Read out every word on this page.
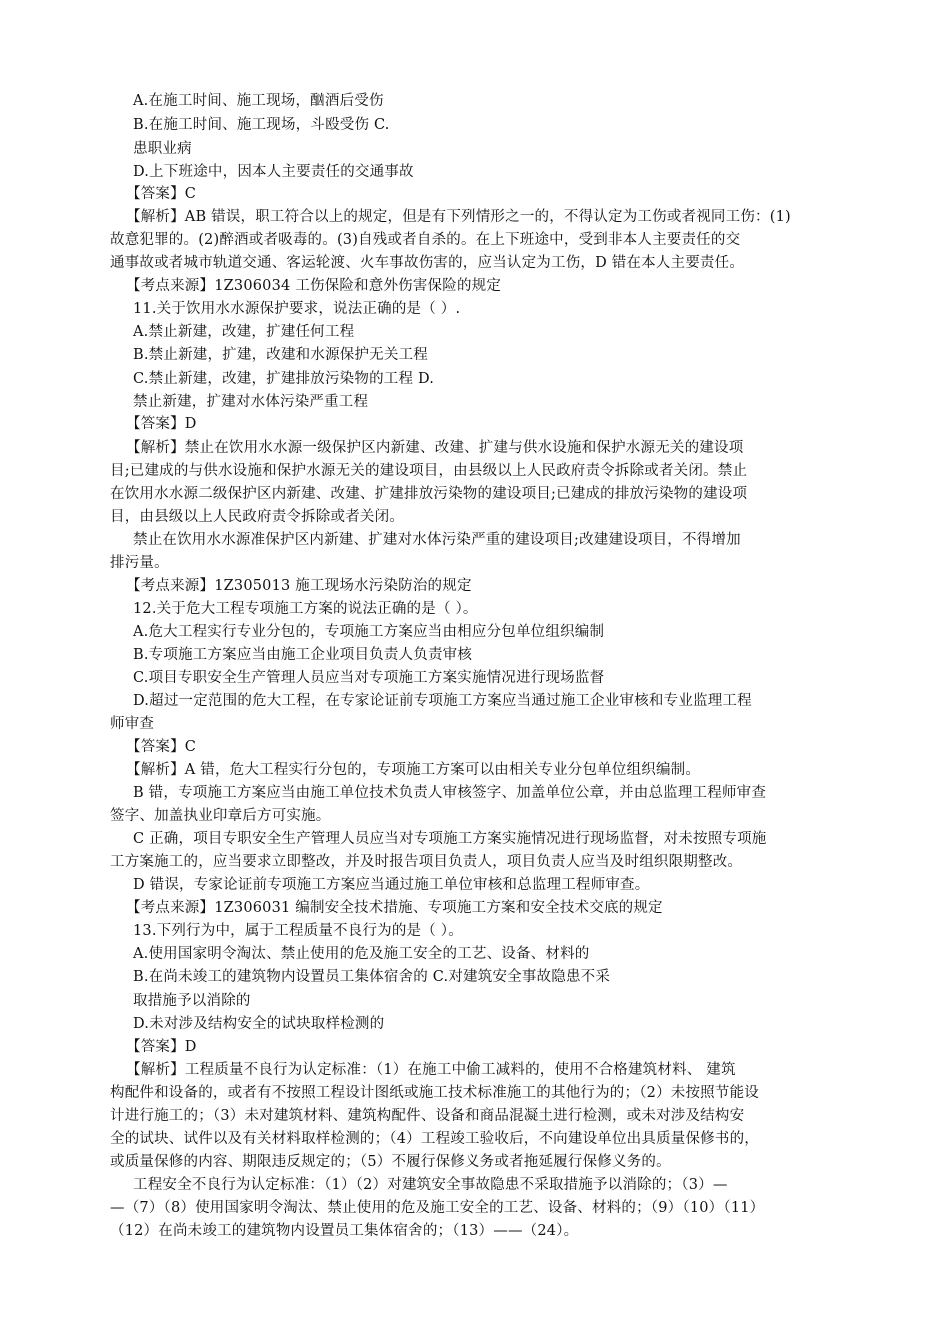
A.在施工时间、施工现场，酗酒后受伤
B.在施工时间、施工现场，斗殴受伤 C.
患职业病
D.上下班途中，因本人主要责任的交通事故
【答案】C
【解析】AB 错误，职工符合以上的规定，但是有下列情形之一的，不得认定为工伤或者视同工伤：(1)
故意犯罪的。(2)醉酒或者吸毒的。(3)自残或者自杀的。在上下班途中，受到非本人主要责任的交
通事故或者城市轨道交通、客运轮渡、火车事故伤害的，应当认定为工伤，D 错在本人主要责任。
【考点来源】1Z306034 工伤保险和意外伤害保险的规定
11.关于饮用水水源保护要求，说法正确的是（ ）.
A.禁止新建，改建，扩建任何工程
B.禁止新建，扩建，改建和水源保护无关工程
C.禁止新建，改建，扩建排放污染物的工程 D.
禁止新建，扩建对水体污染严重工程
【答案】D
【解析】禁止在饮用水水源一级保护区内新建、改建、扩建与供水设施和保护水源无关的建设项
目;已建成的与供水设施和保护水源无关的建设项目，由县级以上人民政府责令拆除或者关闭。禁止
在饮用水水源二级保护区内新建、改建、扩建排放污染物的建设项目;已建成的排放污染物的建设项
目，由县级以上人民政府责令拆除或者关闭。
禁止在饮用水水源准保护区内新建、扩建对水体污染严重的建设项目;改建建设项目，不得增加
排污量。
【考点来源】1Z305013 施工现场水污染防治的规定
12.关于危大工程专项施工方案的说法正确的是（ ）。
A.危大工程实行专业分包的，专项施工方案应当由相应分包单位组织编制
B.专项施工方案应当由施工企业项目负责人负责审核
C.项目专职安全生产管理人员应当对专项施工方案实施情况进行现场监督
D.超过一定范围的危大工程，在专家论证前专项施工方案应当通过施工企业审核和专业监理工程
师审查
【答案】C
【解析】A 错，危大工程实行分包的，专项施工方案可以由相关专业分包单位组织编制。
B 错，专项施工方案应当由施工单位技术负责人审核签字、加盖单位公章，并由总监理工程师审查
签字、加盖执业印章后方可实施。
C 正确，项目专职安全生产管理人员应当对专项施工方案实施情况进行现场监督，对未按照专项施
工方案施工的，应当要求立即整改，并及时报告项目负责人，项目负责人应当及时组织限期整改。
D 错误，专家论证前专项施工方案应当通过施工单位审核和总监理工程师审查。
【考点来源】1Z306031 编制安全技术措施、专项施工方案和安全技术交底的规定
13.下列行为中，属于工程质量不良行为的是（ ）。
A.使用国家明令淘汰、禁止使用的危及施工安全的工艺、设备、材料的
B.在尚未竣工的建筑物内设置员工集体宿舍的 C.对建筑安全事故隐患不采
取措施予以消除的
D.未对涉及结构安全的试块取样检测的
【答案】D
【解析】工程质量不良行为认定标准：（1）在施工中偷工减料的，使用不合格建筑材料、 建筑
构配件和设备的，或者有不按照工程设计图纸或施工技术标准施工的其他行为的；（2）未按照节能设
计进行施工的；（3）未对建筑材料、建筑构配件、设备和商品混凝土进行检测，或未对涉及结构安
全的试块、试件以及有关材料取样检测的；（4）工程竣工验收后，不向建设单位出具质量保修书的，
或质量保修的内容、期限违反规定的；（5）不履行保修义务或者拖延履行保修义务的。
工程安全不良行为认定标准：（1）（2）对建筑安全事故隐患不采取措施予以消除的；（3）—
—（7）（8）使用国家明令淘汰、禁止使用的危及施工安全的工艺、设备、材料的；（9）（10）（11）
（12）在尚未竣工的建筑物内设置员工集体宿舍的；（13）——（24）。
